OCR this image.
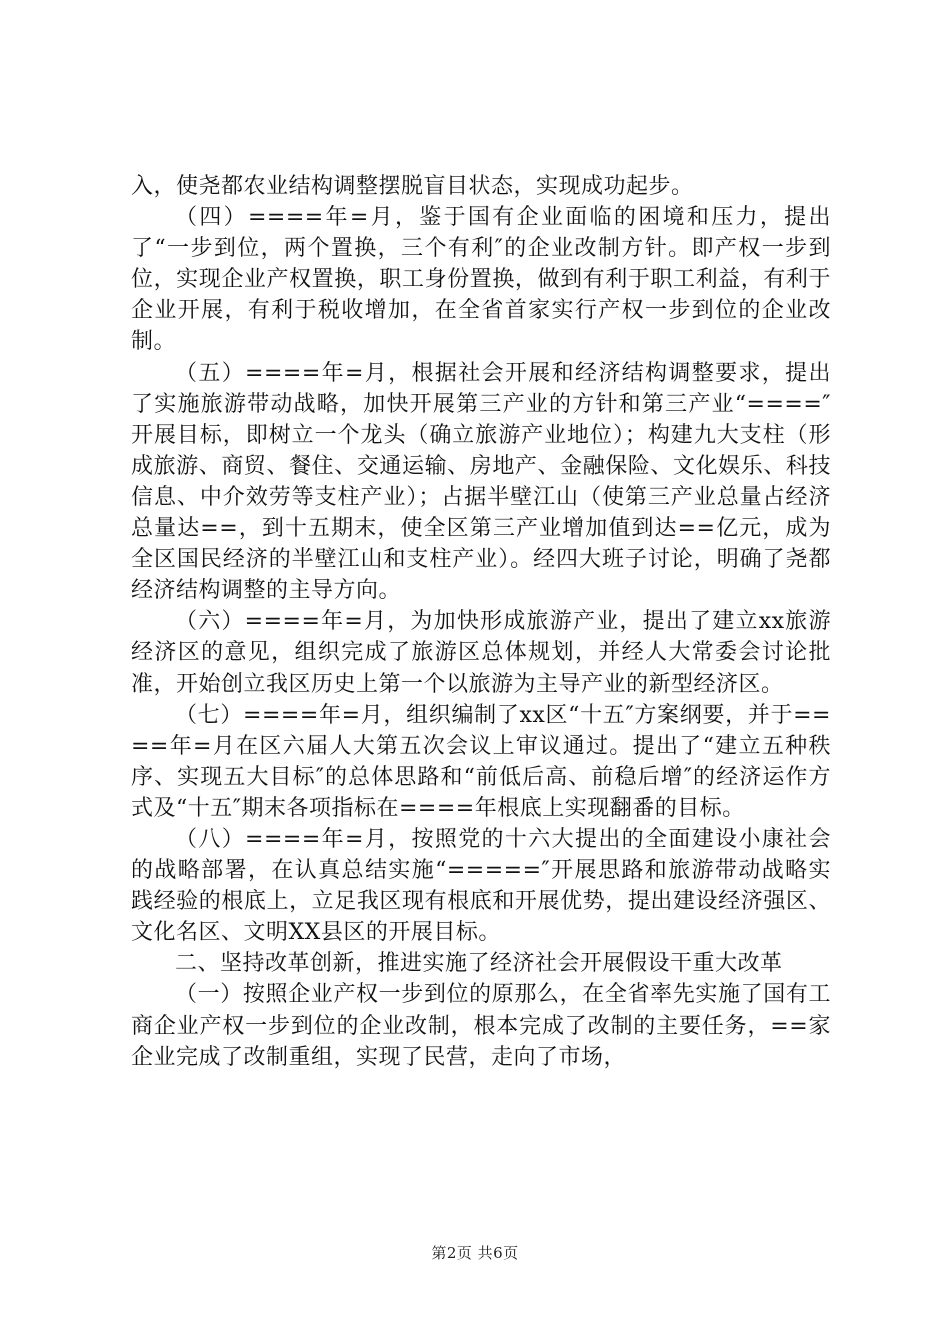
入，使尧都农业结构调整摆脱盲目状态，实现成功起步。

（四）====年=月，鉴于国有企业面临的困境和压力，提出了“一步到位，两个置换，三个有利″的企业改制方针。即产权一步到位，实现企业产权置换，职工身份置换，做到有利于职工利益，有利于企业开展，有利于税收增加，在全省首家实行产权一步到位的企业改制。

（五）====年=月，根据社会开展和经济结构调整要求，提出了实施旅游带动战略，加快开展第三产业的方针和第三产业“====″开展目标，即树立一个龙头（确立旅游产业地位）；构建九大支柱（形成旅游、商贸、餐住、交通运输、房地产、金融保险、文化娱乐、科技信息、中介效劳等支柱产业）；占据半壁江山（使第三产业总量占经济总量达==，到十五期末，使全区第三产业增加值到达==亿元，成为全区国民经济的半壁江山和支柱产业）。经四大班子讨论，明确了尧都经济结构调整的主导方向。

（六）====年=月，为加快形成旅游产业，提出了建立xx旅游经济区的意见，组织完成了旅游区总体规划，并经人大常委会讨论批准，开始创立我区历史上第一个以旅游为主导产业的新型经济区。

（七）====年=月，组织编制了xx区“十五″方案纲要，并于====年=月在区六届人大第五次会议上审议通过。提出了“建立五种秩序、实现五大目标″的总体思路和“前低后高、前稳后增″的经济运作方式及“十五″期末各项指标在====年根底上实现翻番的目标。

（八）====年=月，按照党的十六大提出的全面建设小康社会的战略部署，在认真总结实施“=====″开展思路和旅游带动战略实践经验的根底上，立足我区现有根底和开展优势，提出建设经济强区、文化名区、文明XX县区的开展目标。

二、坚持改革创新，推进实施了经济社会开展假设干重大改革

（一）按照企业产权一步到位的原那么，在全省率先实施了国有工商企业产权一步到位的企业改制，根本完成了改制的主要任务，==家企业完成了改制重组，实现了民营，走向了市场，

第2页 共6页
